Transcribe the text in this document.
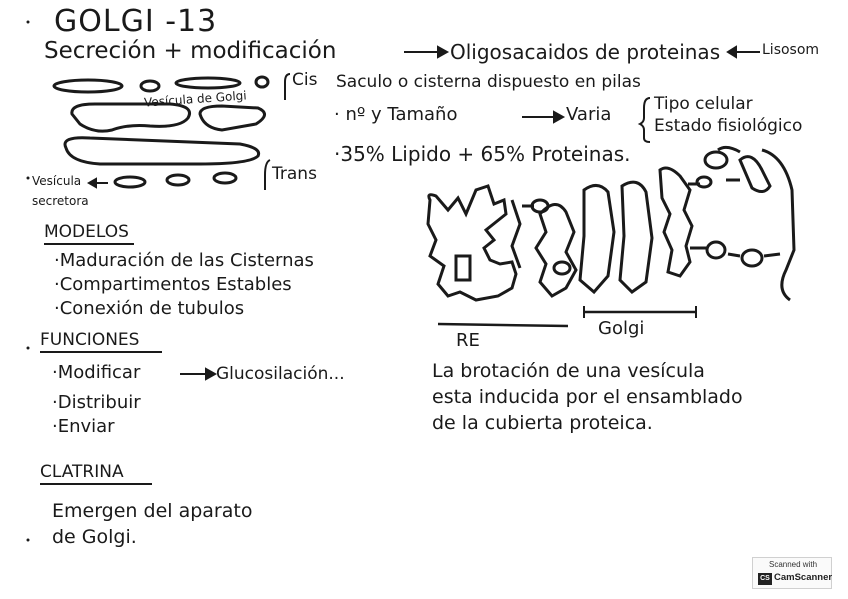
GOLGI -13
Secreción + modificación	Oligosacaidos de proteinas	Lisosom
Cis Saculo o cisterna dispuesto en pilas
Vesícula de Golgi
· nº y Tamaño	Varia	Tipo celular
Estado fisiológico
·35% Lipido + 65% Proteinas.
Trans
Vesícula
secretora
MODELOS
·Maduración de las Cisternas
·Compartimentos Estables
·Conexión de tubulos
FUNCIONES
·Modificar	Glucosilación...
·Distribuir
·Enviar
RE
Golgi
La brotación de una vesícula
esta inducida por el ensamblado
de la cubierta proteica.
CLATRINA
Emergen del aparato
de Golgi.
Scanned with
CS CamScanner
